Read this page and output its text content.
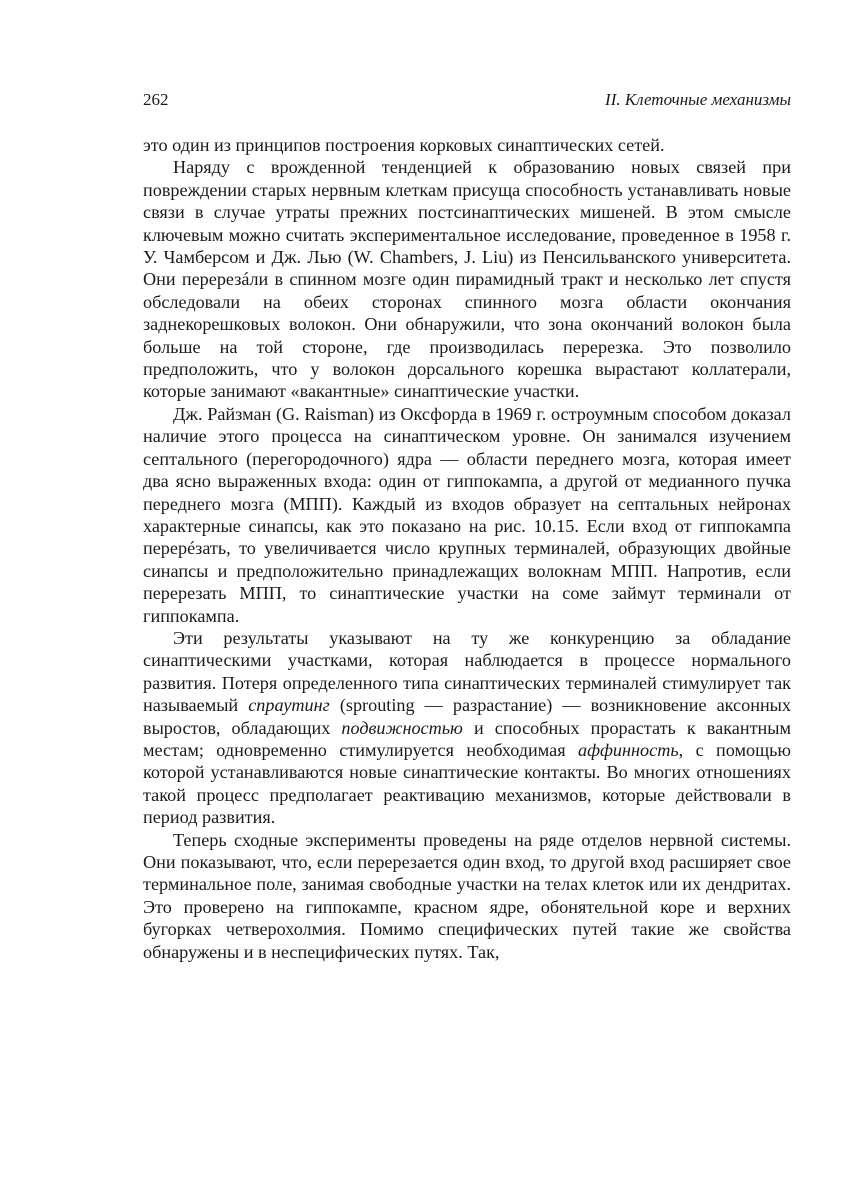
262	II. Клеточные механизмы

это один из принципов построения корковых синаптических сетей.

Наряду с врожденной тенденцией к образованию новых связей при повреждении старых нервным клеткам присуща способность устанавливать новые связи в случае утраты прежних постсинаптических мишеней. В этом смысле ключевым можно считать экспериментальное исследование, проведенное в 1958 г. У. Чамберсом и Дж. Лью (W. Chambers, J. Liu) из Пенсильванского университета. Они перерезáли в спинном мозге один пирамидный тракт и несколько лет спустя обследовали на обеих сторонах спинного мозга области окончания заднекорешковых волокон. Они обнаружили, что зона окончаний волокон была больше на той стороне, где производилась перерезка. Это позволило предположить, что у волокон дорсального корешка вырастают коллатерали, которые занимают «вакантные» синаптические участки.

Дж. Райзман (G. Raisman) из Оксфорда в 1969 г. остроумным способом доказал наличие этого процесса на синаптическом уровне. Он занимался изучением септального (перегородочного) ядра — области переднего мозга, которая имеет два ясно выраженных входа: один от гиппокампа, а другой от медианного пучка переднего мозга (МПП). Каждый из входов образует на септальных нейронах характерные синапсы, как это показано на рис. 10.15. Если вход от гиппокампа перерéзать, то увеличивается число крупных терминалей, образующих двойные синапсы и предположительно принадлежащих волокнам МПП. Напротив, если перерезать МПП, то синаптические участки на соме займут терминали от гиппокампа.

Эти результаты указывают на ту же конкуренцию за обладание синаптическими участками, которая наблюдается в процессе нормального развития. Потеря определенного типа синаптических терминалей стимулирует так называемый спраутинг (sprouting — разрастание) — возникновение аксонных выростов, обладающих подвижностью и способных прорастать к вакантным местам; одновременно стимулируется необходимая аффинность, с помощью которой устанавливаются новые синаптические контакты. Во многих отношениях такой процесс предполагает реактивацию механизмов, которые действовали в период развития.

Теперь сходные эксперименты проведены на ряде отделов нервной системы. Они показывают, что, если перерезается один вход, то другой вход расширяет свое терминальное поле, занимая свободные участки на телах клеток или их дендритах. Это проверено на гиппокампе, красном ядре, обонятельной коре и верхних бугорках четверохолмия. Помимо специфических путей такие же свойства обнаружены и в неспецифических путях. Так,
